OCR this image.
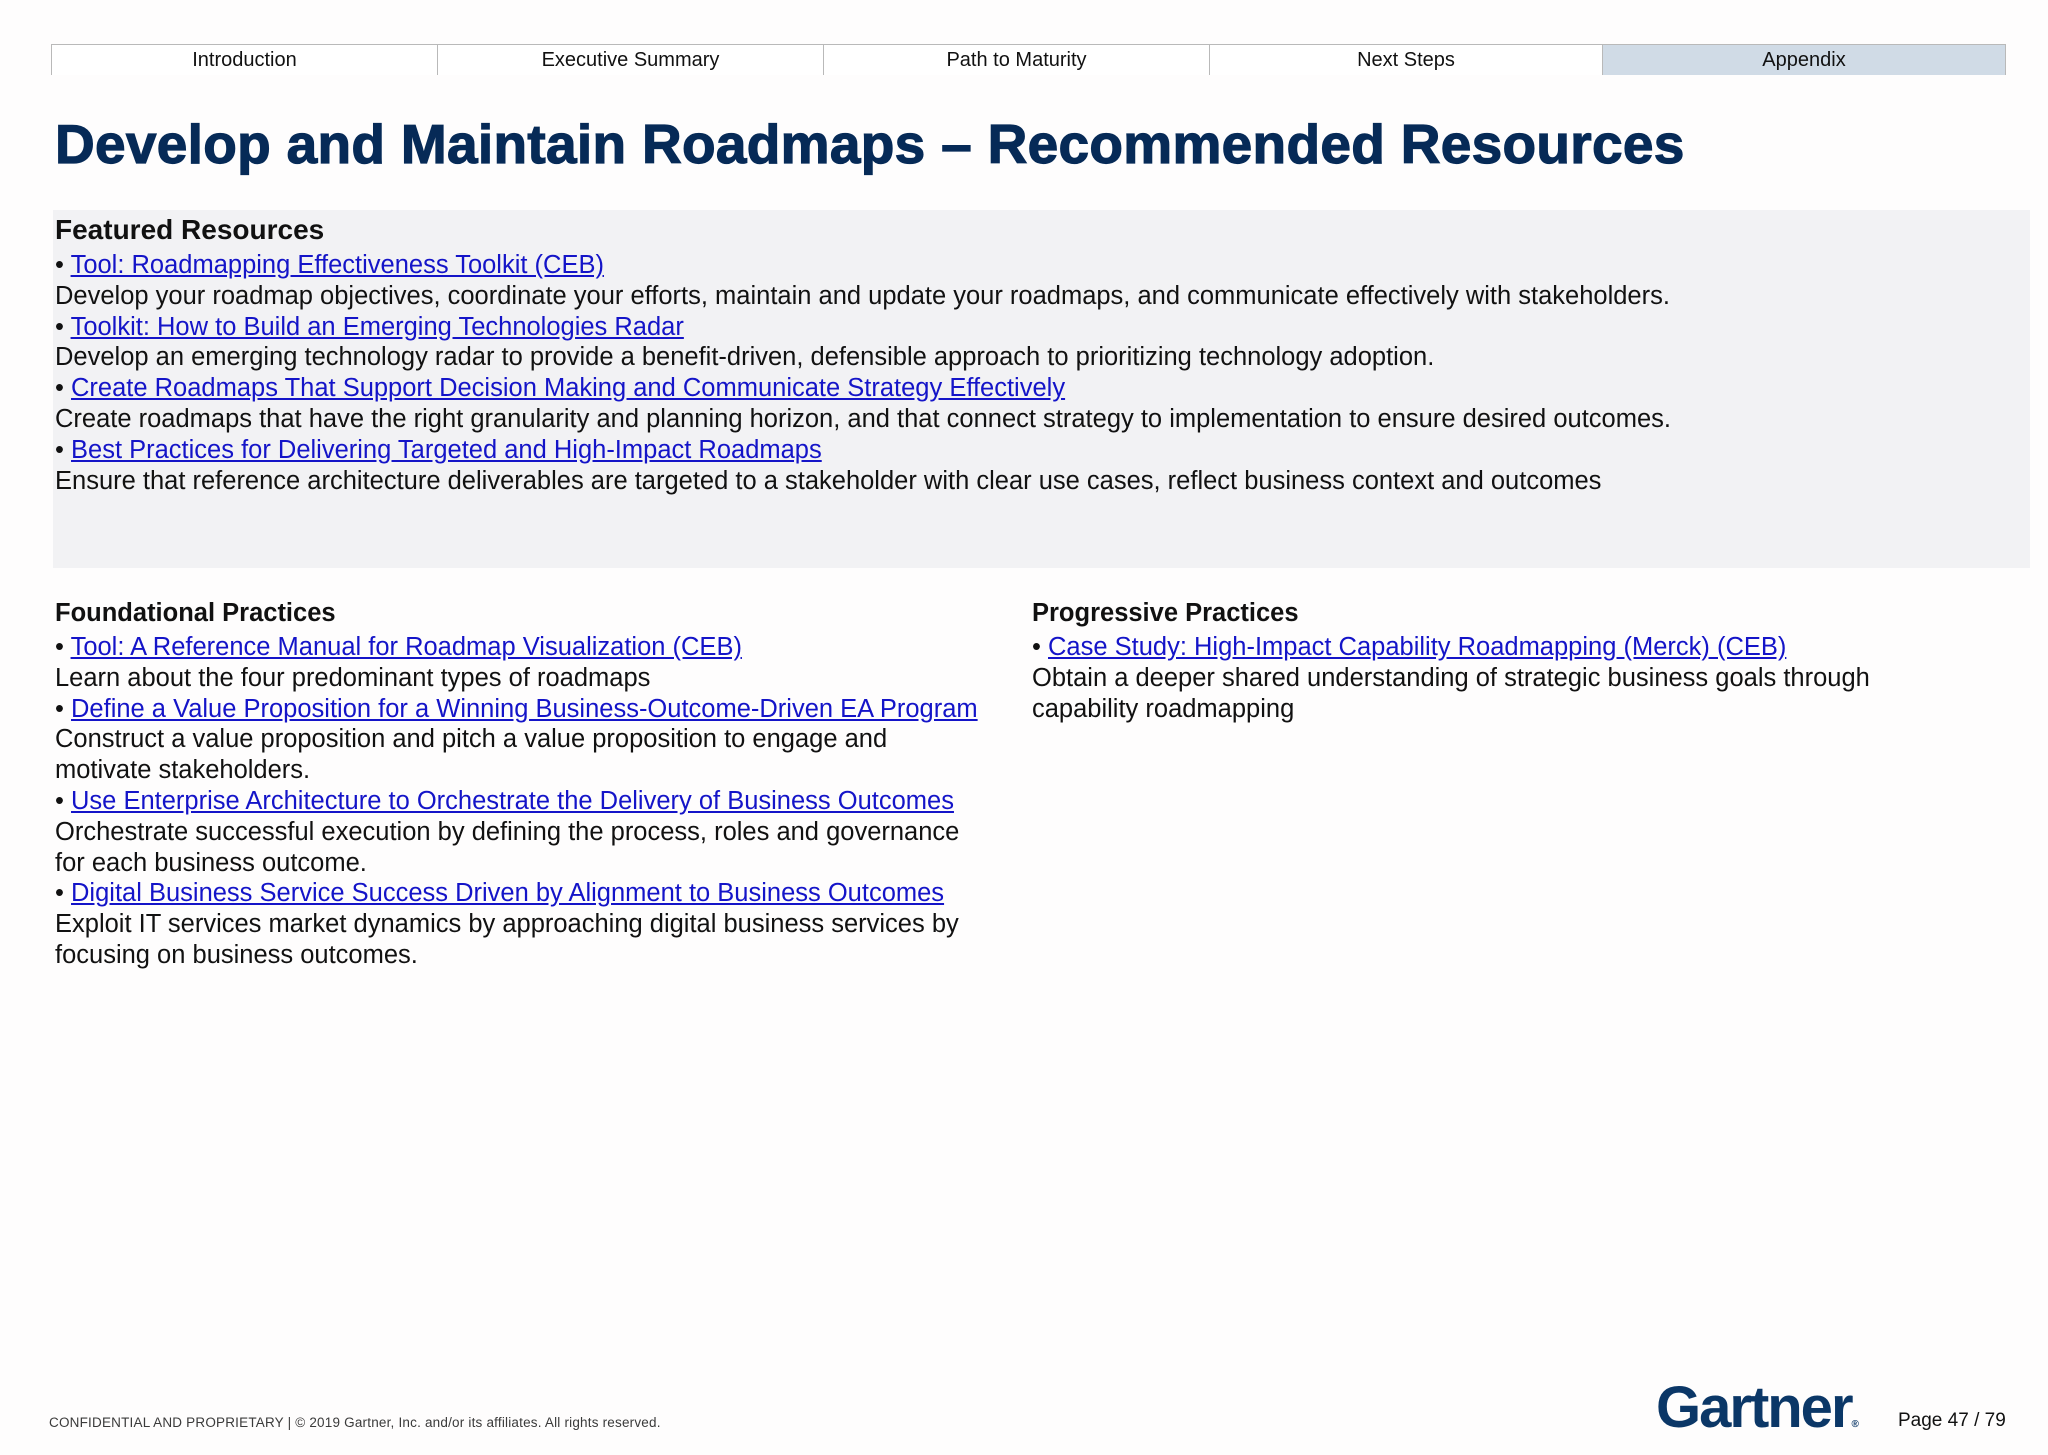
Introduction	Executive Summary	Path to Maturity	Next Steps	Appendix
Develop and Maintain Roadmaps – Recommended Resources

Featured Resources

• Tool: Roadmapping Effectiveness Toolkit (CEB)

Develop your roadmap objectives, coordinate your efforts, maintain and update your roadmaps, and communicate effectively with stakeholders.

• Toolkit: How to Build an Emerging Technologies Radar

Develop an emerging technology radar to provide a benefit-driven, defensible approach to prioritizing technology adoption.

• Create Roadmaps That Support Decision Making and Communicate Strategy Effectively

Create roadmaps that have the right granularity and planning horizon, and that connect strategy to implementation to ensure desired outcomes.

• Best Practices for Delivering Targeted and High-Impact Roadmaps

Ensure that reference architecture deliverables are targeted to a stakeholder with clear use cases, reflect business context and outcomes

Foundational Practices

• Tool: A Reference Manual for Roadmap Visualization (CEB)

Learn about the four predominant types of roadmaps

• Define a Value Proposition for a Winning Business-Outcome-Driven EA Program

Construct a value proposition and pitch a value proposition to engage and

motivate stakeholders.

• Use Enterprise Architecture to Orchestrate the Delivery of Business Outcomes

Orchestrate successful execution by defining the process, roles and governance

for each business outcome.

• Digital Business Service Success Driven by Alignment to Business Outcomes

Exploit IT services market dynamics by approaching digital business services by

focusing on business outcomes.

Progressive Practices

• Case Study: High-Impact Capability Roadmapping (Merck) (CEB)

Obtain a deeper shared understanding of strategic business goals through

capability roadmapping

CONFIDENTIAL AND PROPRIETARY | © 2019 Gartner, Inc. and/or its affiliates. All rights reserved.	Gartner® Page 47 / 79
